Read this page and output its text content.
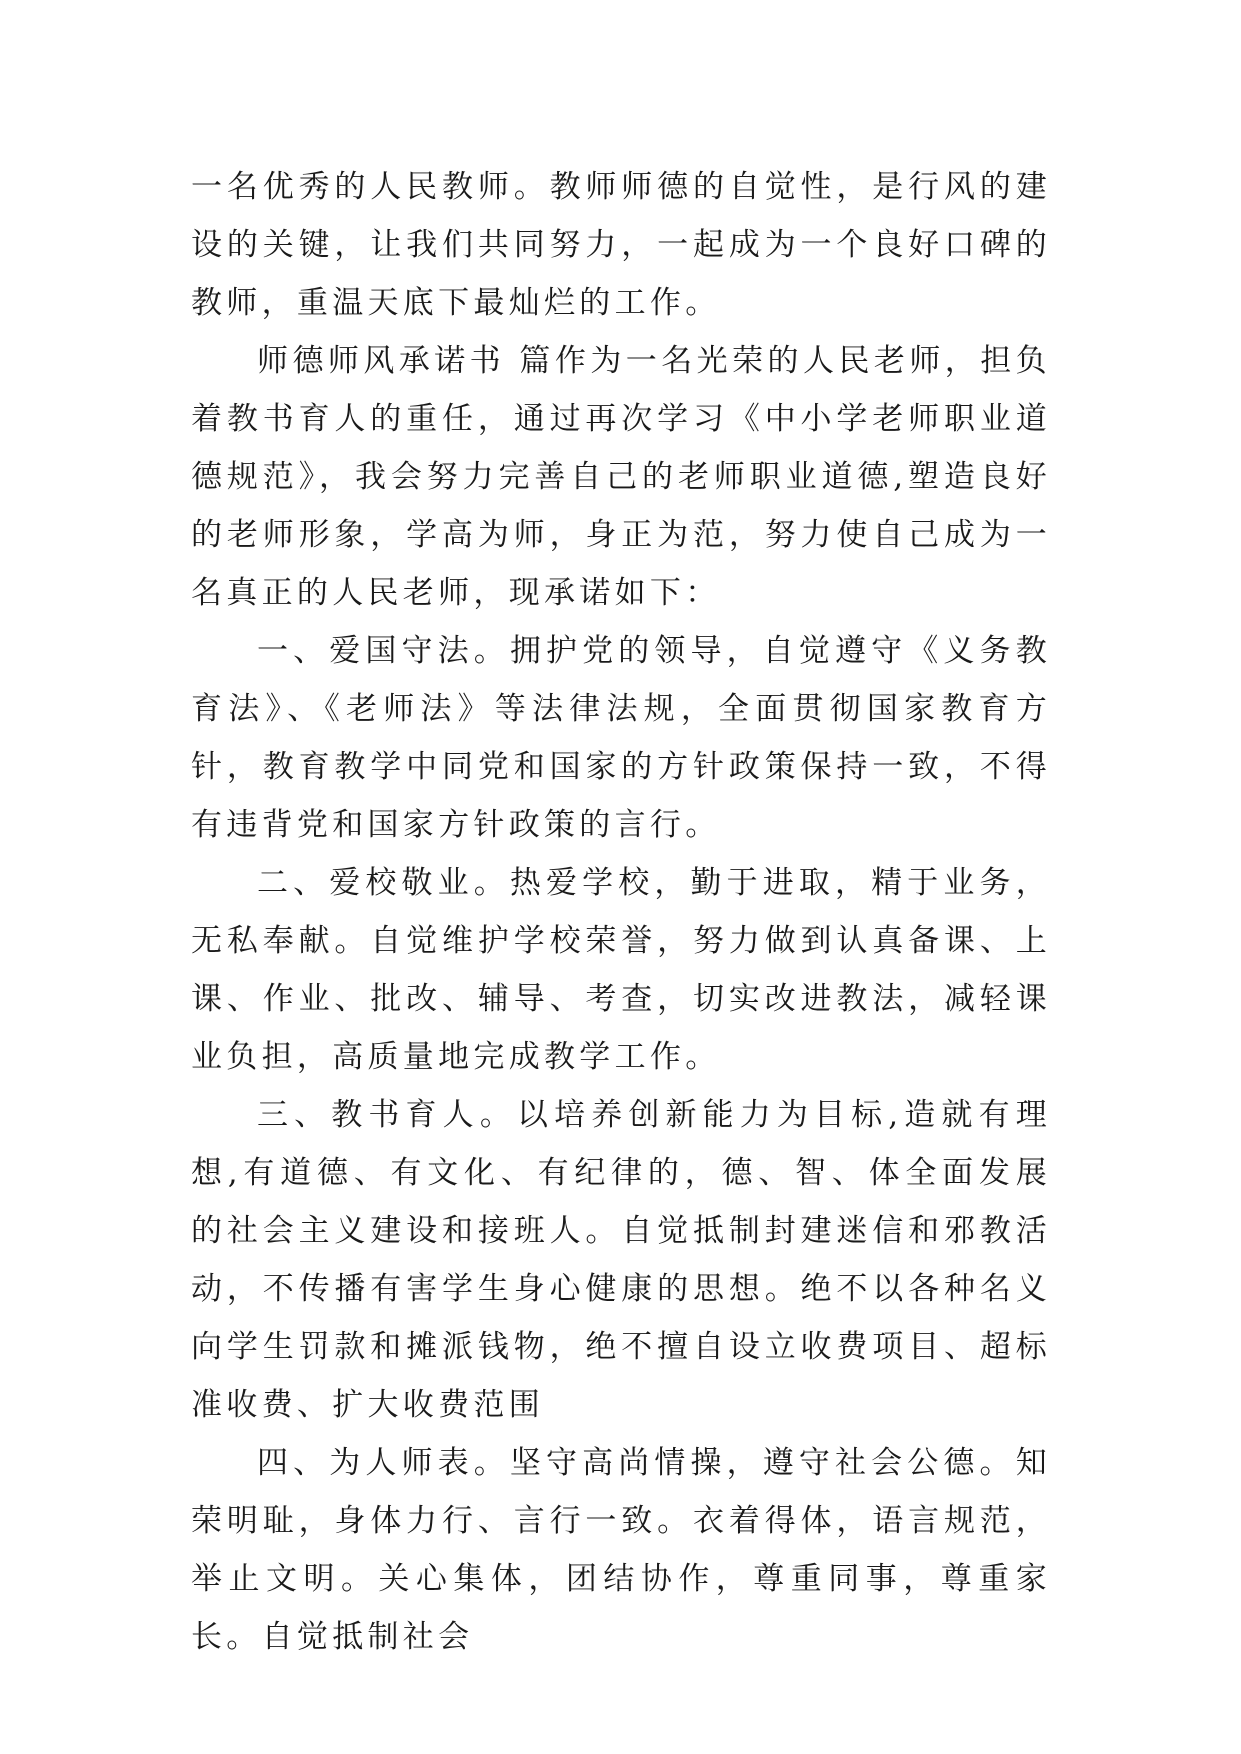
一名优秀的人民教师。教师师德的自觉性，是行风的建设的关键，让我们共同努力，一起成为一个良好口碑的教师，重温天底下最灿烂的工作。

师德师风承诺书 篇作为一名光荣的人民老师，担负着教书育人的重任，通过再次学习《中小学老师职业道德规范》，我会努力完善自己的老师职业道德,塑造良好的老师形象，学高为师，身正为范，努力使自己成为一名真正的人民老师，现承诺如下：

一、爱国守法。拥护党的领导，自觉遵守《义务教育法》、《老师法》等法律法规，全面贯彻国家教育方针，教育教学中同党和国家的方针政策保持一致，不得有违背党和国家方针政策的言行。

二、爱校敬业。热爱学校，勤于进取，精于业务，无私奉献。自觉维护学校荣誉，努力做到认真备课、上课、作业、批改、辅导、考查，切实改进教法，减轻课业负担，高质量地完成教学工作。

三、教书育人。以培养创新能力为目标,造就有理想,有道德、有文化、有纪律的，德、智、体全面发展的社会主义建设和接班人。自觉抵制封建迷信和邪教活动，不传播有害学生身心健康的思想。绝不以各种名义向学生罚款和摊派钱物，绝不擅自设立收费项目、超标准收费、扩大收费范围

四、为人师表。坚守高尚情操，遵守社会公德。知荣明耻，身体力行、言行一致。衣着得体，语言规范，举止文明。关心集体，团结协作，尊重同事，尊重家长。自觉抵制社会
